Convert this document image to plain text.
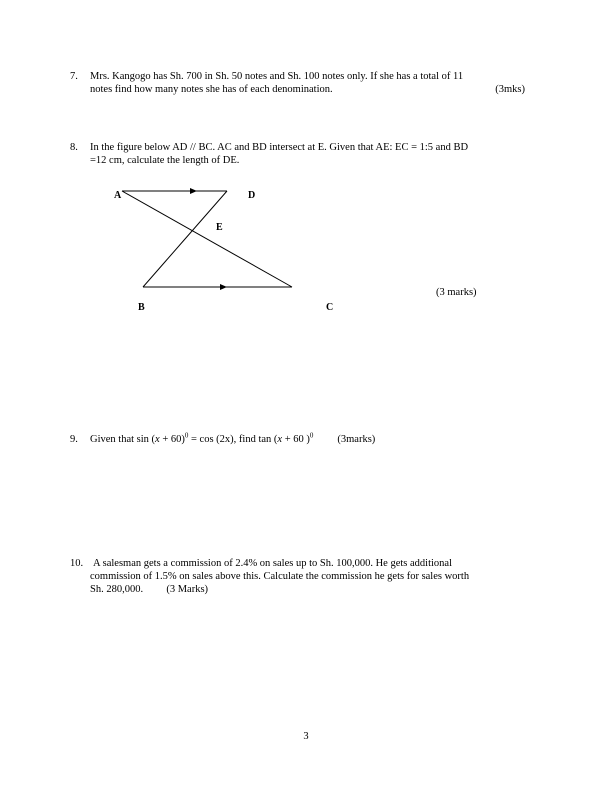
7. Mrs. Kangogo has Sh. 700 in Sh. 50 notes and Sh. 100 notes only. If she has a total of 11
notes find how many notes she has of each denomination.	(3mks)
8. In the figure below AD // BC. AC and BD intersect at E. Given that AE: EC = 1:5 and BD
=12 cm, calculate the length of DE.
A	D
E
B	C
(3 marks)
9. Given that $\sin (x + 60)^0 = \cos (2x)$, find tan (x + 60 )$^0$ (3marks)
10. A salesman gets a commission of 2.4% on sales up to Sh. 100,000. He gets additional
commission of 1.5% on sales above this. Calculate the commission he gets for sales worth
Sh. 280,000. (3 Marks)
3
